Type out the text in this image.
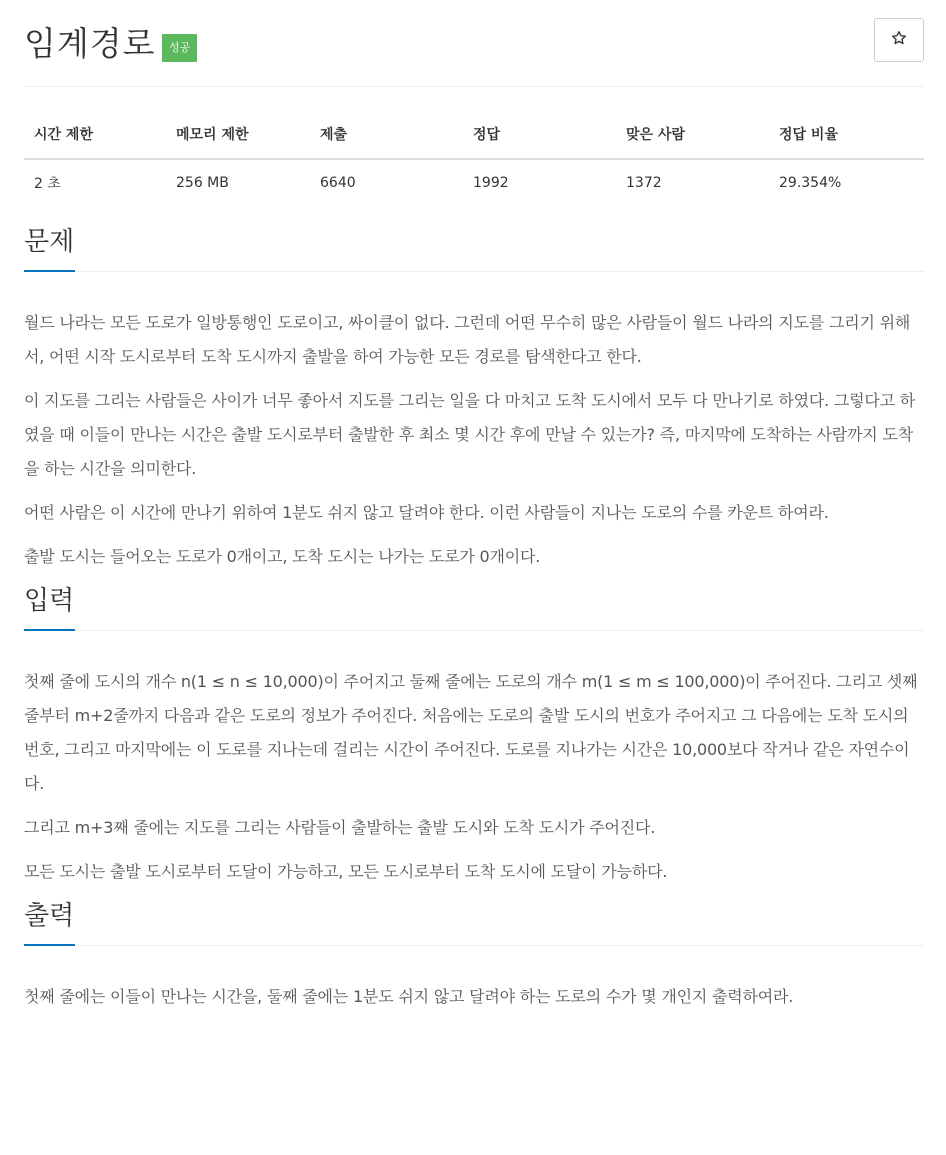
임계경로	성공
시간 제한	메모리 제한	제출	정답	맞은 사람	정답 비율
2 초	256 MB	6640	1992	1372	29.354%
문제

월드 나라는 모든 도로가 일방통행인 도로이고, 싸이클이 없다. 그런데 어떤 무수히 많은 사람들이 월드 나라의 지도를 그리기 위해서, 어떤 시작 도시로부터 도착 도시까지 출발을 하여 가능한 모든 경로를 탐색한다고 한다.

이 지도를 그리는 사람들은 사이가 너무 좋아서 지도를 그리는 일을 다 마치고 도착 도시에서 모두 다 만나기로 하였다. 그렇다고 하였을 때 이들이 만나는 시간은 출발 도시로부터 출발한 후 최소 몇 시간 후에 만날 수 있는가? 즉, 마지막에 도착하는 사람까지 도착을 하는 시간을 의미한다.

어떤 사람은 이 시간에 만나기 위하여 1분도 쉬지 않고 달려야 한다. 이런 사람들이 지나는 도로의 수를 카운트 하여라.

출발 도시는 들어오는 도로가 0개이고, 도착 도시는 나가는 도로가 0개이다.

입력

첫째 줄에 도시의 개수 n(1 ≤ n ≤ 10,000)이 주어지고 둘째 줄에는 도로의 개수 m(1 ≤ m ≤ 100,000)이 주어진다. 그리고 셋째 줄부터 m+2줄까지 다음과 같은 도로의 정보가 주어진다. 처음에는 도로의 출발 도시의 번호가 주어지고 그 다음에는 도착 도시의 번호, 그리고 마지막에는 이 도로를 지나는데 걸리는 시간이 주어진다. 도로를 지나가는 시간은 10,000보다 작거나 같은 자연수이다.

그리고 m+3째 줄에는 지도를 그리는 사람들이 출발하는 출발 도시와 도착 도시가 주어진다.

모든 도시는 출발 도시로부터 도달이 가능하고, 모든 도시로부터 도착 도시에 도달이 가능하다.

출력

첫째 줄에는 이들이 만나는 시간을, 둘째 줄에는 1분도 쉬지 않고 달려야 하는 도로의 수가 몇 개인지 출력하여라.
